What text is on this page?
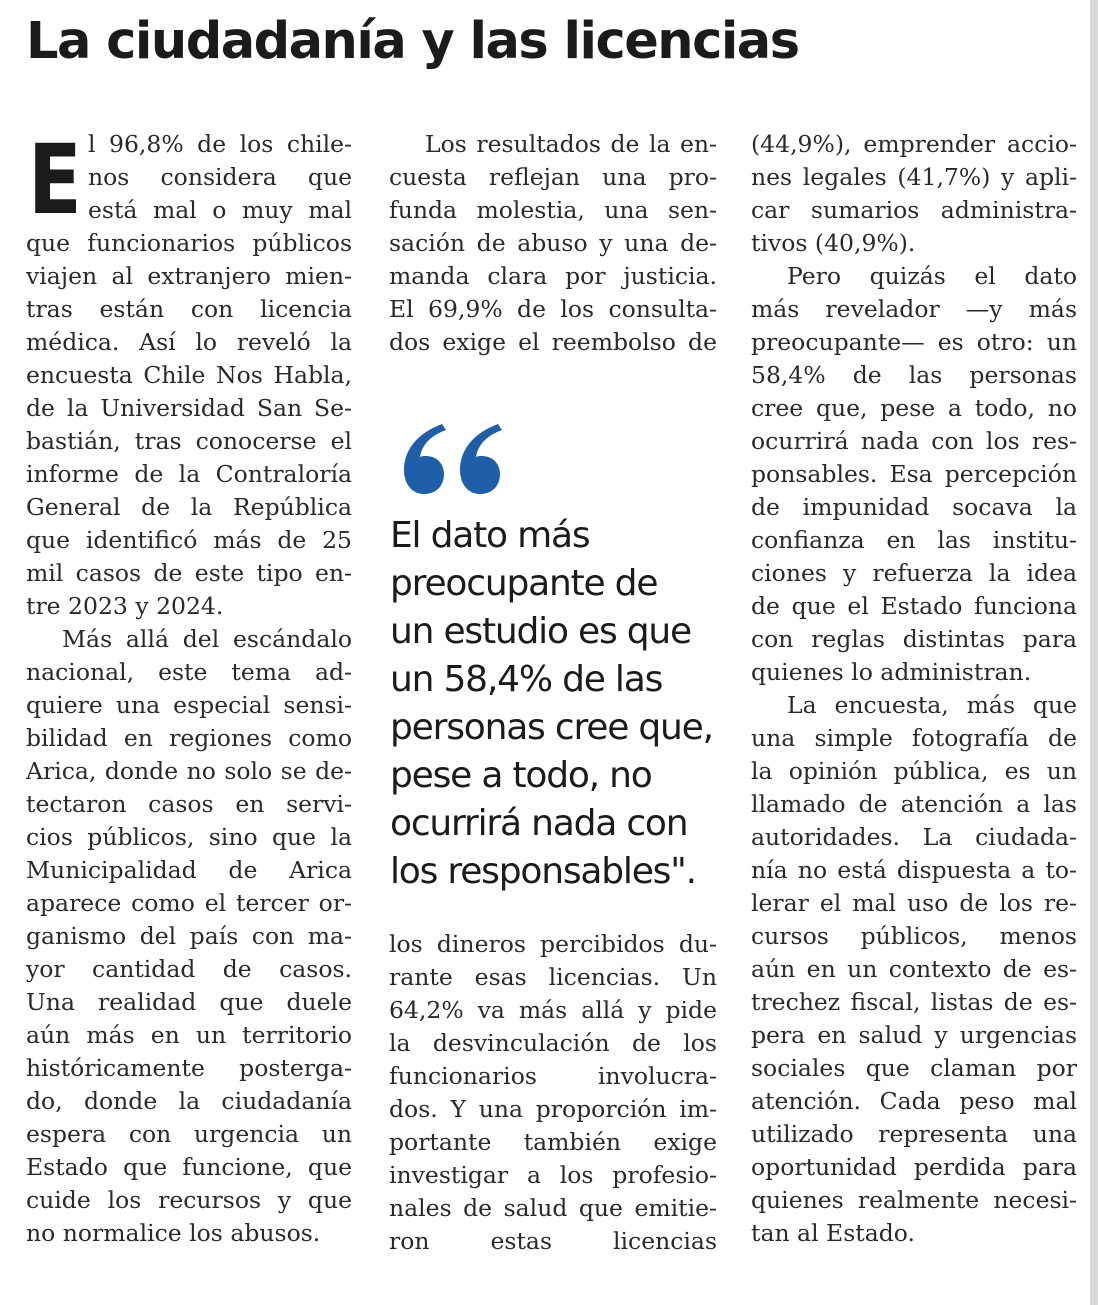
La ciudadanía y las licencias
E l 96,8% de los chile-
nos considera que
está mal o muy mal
que funcionarios públicos
viajen al extranjero mien-
tras están con licencia
médica. Así lo reveló la
encuesta Chile Nos Habla,
de la Universidad San Se-
bastián, tras conocerse el
informe de la Contraloría
General de la República
que identificó más de 25
mil casos de este tipo en-
tre 2023 y 2024.
Más allá del escándalo
nacional, este tema ad-
quiere una especial sensi-
bilidad en regiones como
Arica, donde no solo se de-
tectaron casos en servi-
cios públicos, sino que la
Municipalidad de Arica
aparece como el tercer or-
ganismo del país con ma-
yor cantidad de casos.
Una realidad que duele
aún más en un territorio
históricamente posterga-
do, donde la ciudadanía
espera con urgencia un
Estado que funcione, que
cuide los recursos y que
no normalice los abusos.
Los resultados de la en-
cuesta reflejan una pro-
funda molestia, una sen-
sación de abuso y una de-
manda clara por justicia.
El 69,9% de los consulta-
dos exige el reembolso de
los dineros percibidos du-
rante esas licencias. Un
64,2% va más allá y pide
la desvinculación de los
funcionarios involucra-
dos. Y una proporción im-
portante también exige
investigar a los profesio-
nales de salud que emitie-
ron estas licencias
(44,9%), emprender accio-
nes legales (41,7%) y apli-
car sumarios administra-
tivos (40,9%).
Pero quizás el dato
más revelador —y más
preocupante— es otro: un
58,4% de las personas
cree que, pese a todo, no
ocurrirá nada con los res-
ponsables. Esa percepción
de impunidad socava la
confianza en las institu-
ciones y refuerza la idea
de que el Estado funciona
con reglas distintas para
quienes lo administran.
La encuesta, más que
una simple fotografía de
la opinión pública, es un
llamado de atención a las
autoridades. La ciudada-
nía no está dispuesta a to-
lerar el mal uso de los re-
cursos públicos, menos
aún en un contexto de es-
trechez fiscal, listas de es-
pera en salud y urgencias
sociales que claman por
atención. Cada peso mal
utilizado representa una
oportunidad perdida para
quienes realmente necesi-
tan al Estado.
El dato más
preocupante de
un estudio es que
un 58,4% de las
personas cree que,
pese a todo, no
ocurrirá nada con
los responsables".
